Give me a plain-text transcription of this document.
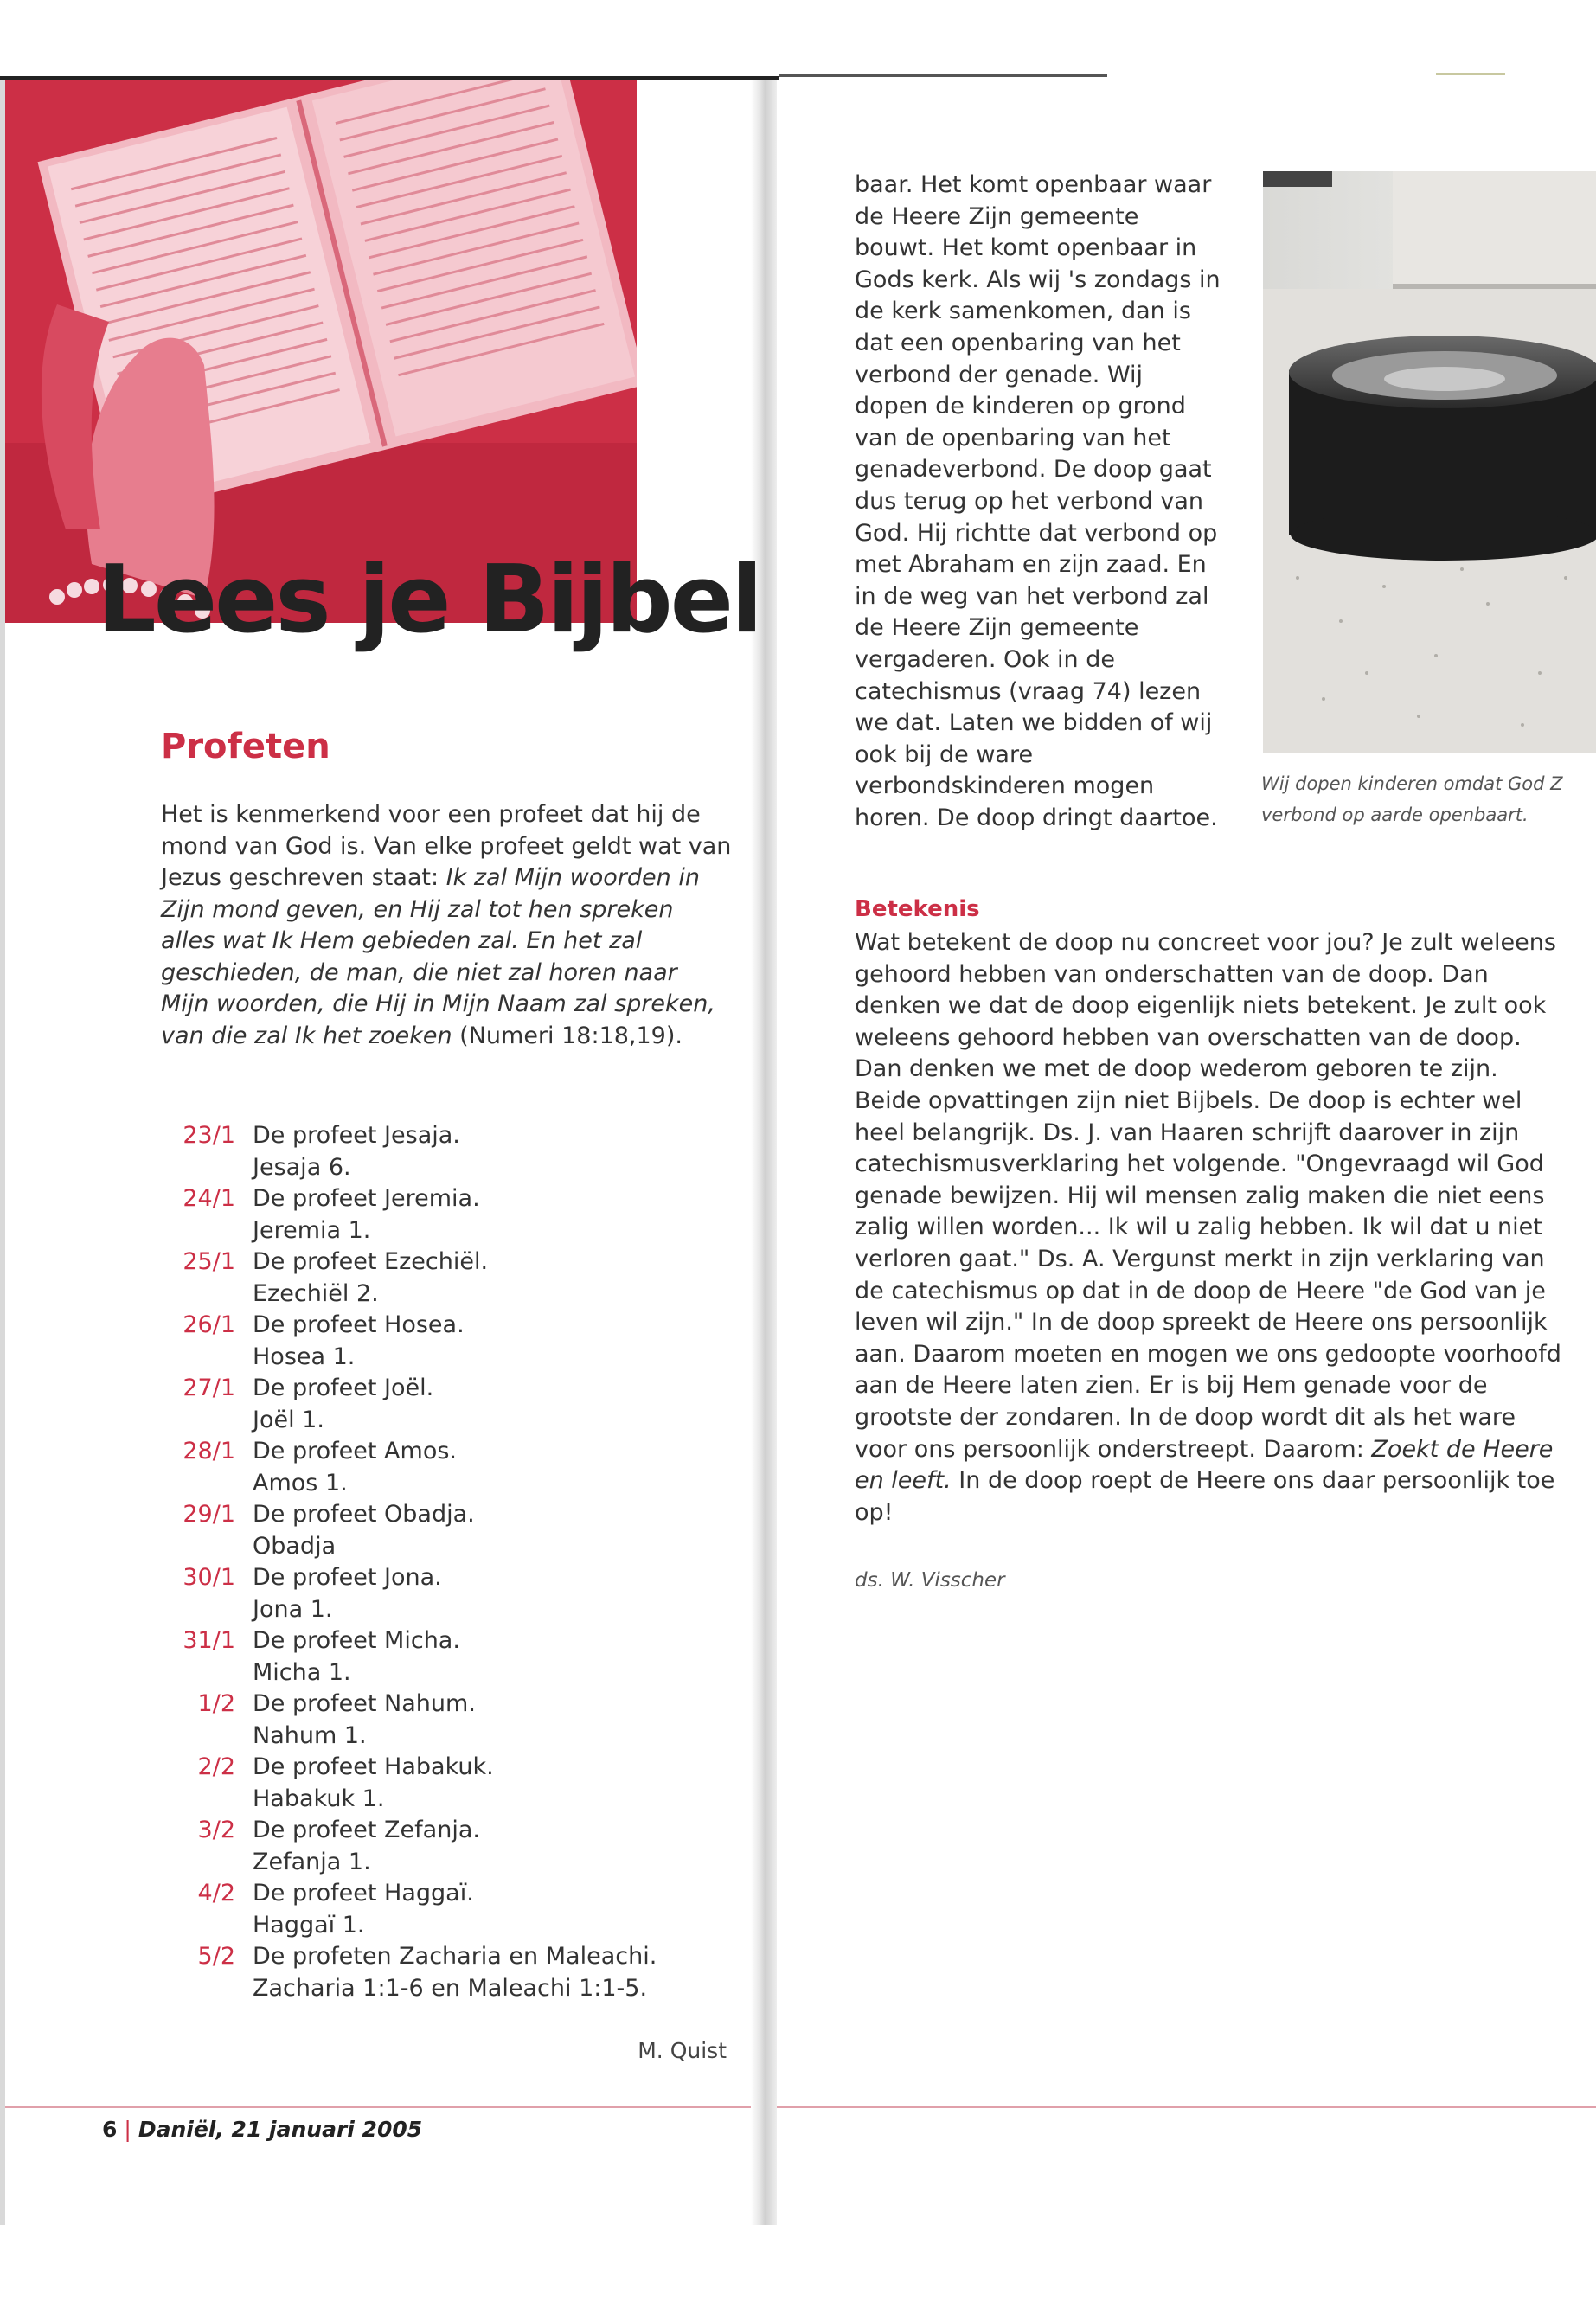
Lees je Bijbel
Profeten

Het is kenmerkend voor een profeet dat hij de mond van God is. Van elke profeet geldt wat van Jezus geschreven staat: Ik zal Mijn woorden in Zijn mond geven, en Hij zal tot hen spreken alles wat Ik Hem gebieden zal. En het zal geschieden, de man, die niet zal horen naar Mijn woorden, die Hij in Mijn Naam zal spreken, van die zal Ik het zoeken (Numeri 18:18,19).

23/1 De profeet Jesaja.
Jesaja 6.
24/1 De profeet Jeremia.
Jeremia 1.
25/1 De profeet Ezechiël.
Ezechiël 2.
26/1 De profeet Hosea.
Hosea 1.
27/1 De profeet Joël.
Joël 1.
28/1 De profeet Amos.
Amos 1.
29/1 De profeet Obadja.
Obadja
30/1 De profeet Jona.
Jona 1.
31/1 De profeet Micha.
Micha 1.
1/2 De profeet Nahum.
Nahum 1.
2/2 De profeet Habakuk.
Habakuk 1.
3/2 De profeet Zefanja.
Zefanja 1.
4/2 De profeet Haggaï.
Haggaï 1.
5/2 De profeten Zacharia en Maleachi.
Zacharia 1:1-6 en Maleachi 1:1-5.

M. Quist

6 | Daniël, 21 januari 2005

baar. Het komt openbaar waar de Heere Zijn gemeente bouwt. Het komt openbaar in Gods kerk. Als wij 's zondags in de kerk samenkomen, dan is dat een openbaring van het verbond der genade. Wij dopen de kinderen op grond van de openbaring van het genadeverbond. De doop gaat dus terug op het verbond van God. Hij richtte dat verbond op met Abraham en zijn zaad. En in de weg van het verbond zal de Heere Zijn gemeente vergaderen. Ook in de catechismus (vraag 74) lezen we dat. Laten we bidden of wij ook bij de ware verbondskinderen mogen horen. De doop dringt daartoe.

Wij dopen kinderen omdat God Z
verbond op aarde openbaart.

Betekenis

Wat betekent de doop nu concreet voor jou? Je zult weleens gehoord hebben van onderschatten van de doop. Dan denken we dat de doop eigenlijk niets betekent. Je zult ook weleens gehoord hebben van overschatten van de doop. Dan denken we met de doop wederom geboren te zijn. Beide opvattingen zijn niet Bijbels. De doop is echter wel heel belangrijk. Ds. J. van Haaren schrijft daarover in zijn catechismusverklaring het volgende. "Ongevraagd wil God genade bewijzen. Hij wil mensen zalig maken die niet eens zalig willen worden... Ik wil u zalig hebben. Ik wil dat u niet verloren gaat." Ds. A. Vergunst merkt in zijn verklaring van de catechismus op dat in de doop de Heere "de God van je leven wil zijn." In de doop spreekt de Heere ons persoonlijk aan. Daarom moeten en mogen we ons gedoopte voorhoofd aan de Heere laten zien. Er is bij Hem genade voor de grootste der zondaren. In de doop wordt dit als het ware voor ons persoonlijk onderstreept. Daarom: Zoekt de Heere en leeft. In de doop roept de Heere ons daar persoonlijk toe op!

ds. W. Visscher
